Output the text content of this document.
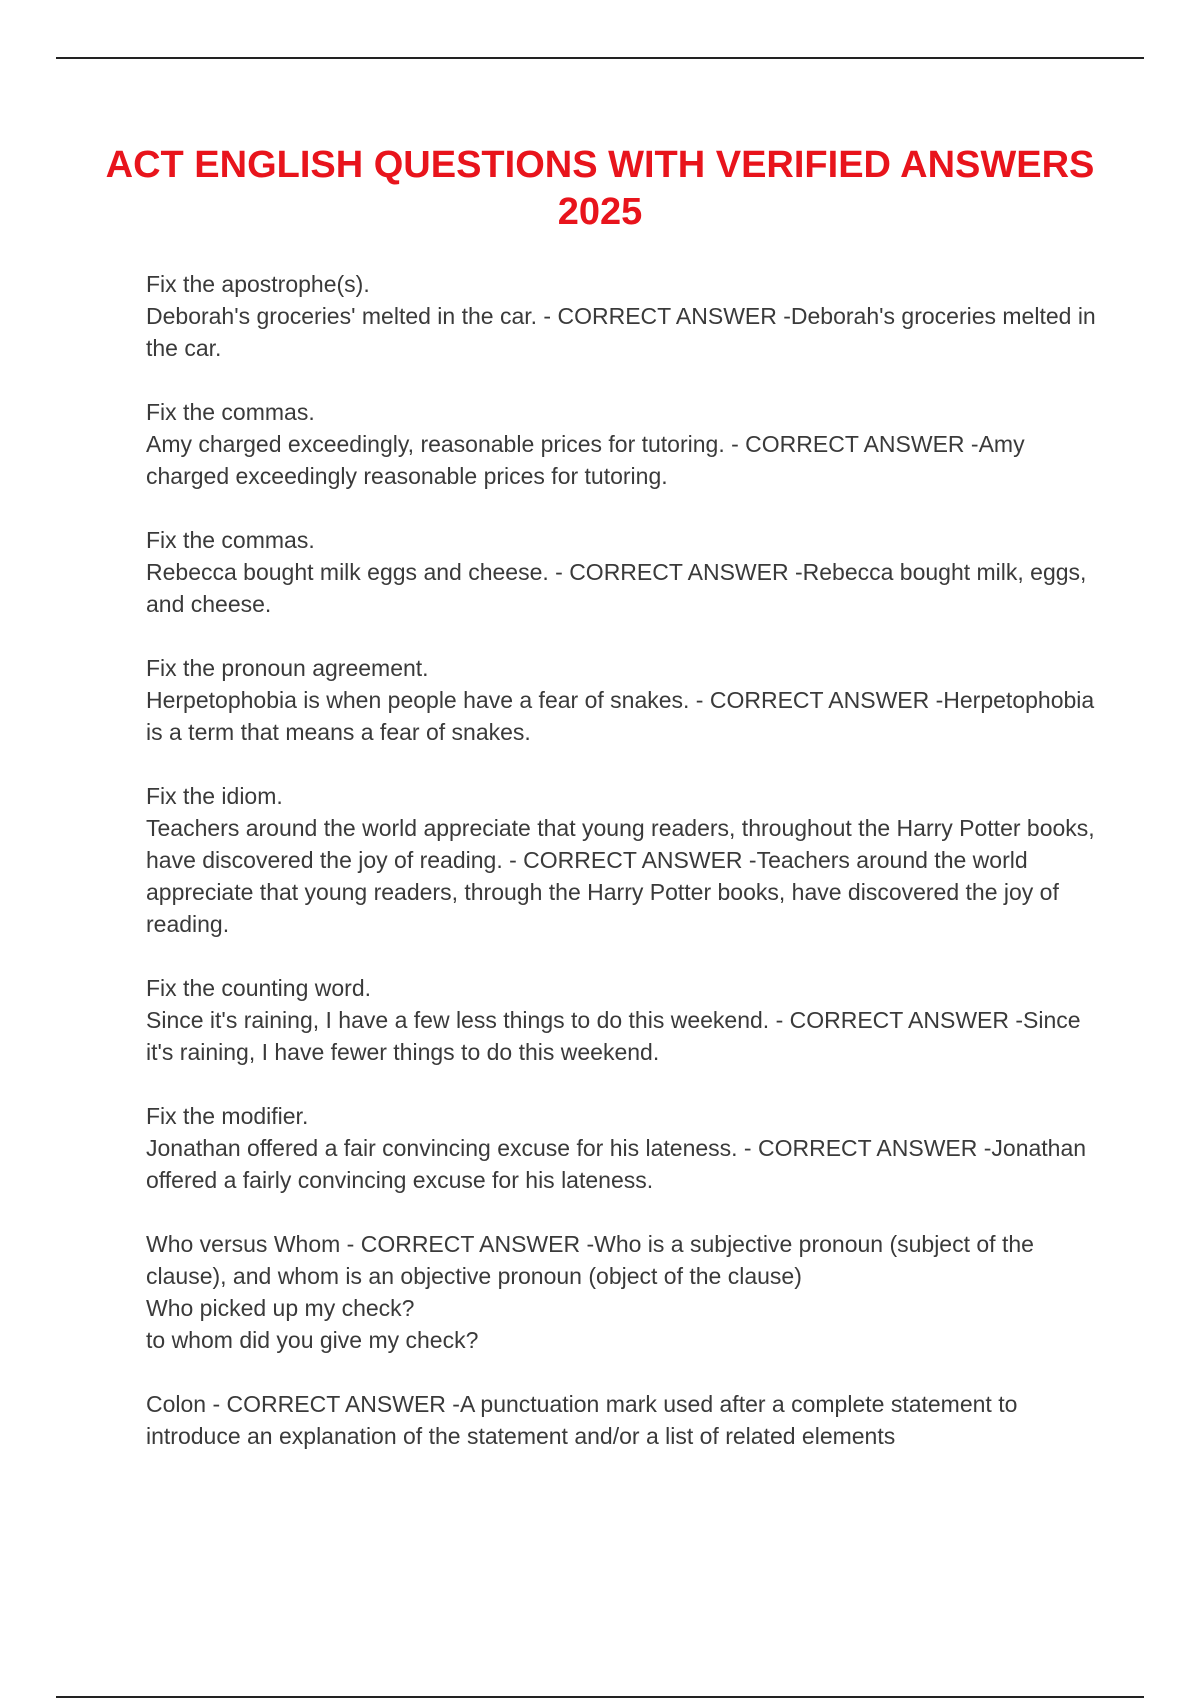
ACT ENGLISH QUESTIONS WITH VERIFIED ANSWERS 2025

Fix the apostrophe(s).

Deborah's groceries' melted in the car. - CORRECT ANSWER -Deborah's groceries melted in the car.

Fix the commas.

Amy charged exceedingly, reasonable prices for tutoring. - CORRECT ANSWER -Amy charged exceedingly reasonable prices for tutoring.

Fix the commas.

Rebecca bought milk eggs and cheese. - CORRECT ANSWER -Rebecca bought milk, eggs, and cheese.

Fix the pronoun agreement.

Herpetophobia is when people have a fear of snakes. - CORRECT ANSWER -Herpetophobia is a term that means a fear of snakes.

Fix the idiom.

Teachers around the world appreciate that young readers, throughout the Harry Potter books, have discovered the joy of reading. - CORRECT ANSWER -Teachers around the world appreciate that young readers, through the Harry Potter books, have discovered the joy of reading.

Fix the counting word.

Since it's raining, I have a few less things to do this weekend. - CORRECT ANSWER -Since it's raining, I have fewer things to do this weekend.

Fix the modifier.

Jonathan offered a fair convincing excuse for his lateness. - CORRECT ANSWER -Jonathan offered a fairly convincing excuse for his lateness.

Who versus Whom - CORRECT ANSWER -Who is a subjective pronoun (subject of the clause), and whom is an objective pronoun (object of the clause)

Who picked up my check?

to whom did you give my check?

Colon - CORRECT ANSWER -A punctuation mark used after a complete statement to introduce an explanation of the statement and/or a list of related elements
